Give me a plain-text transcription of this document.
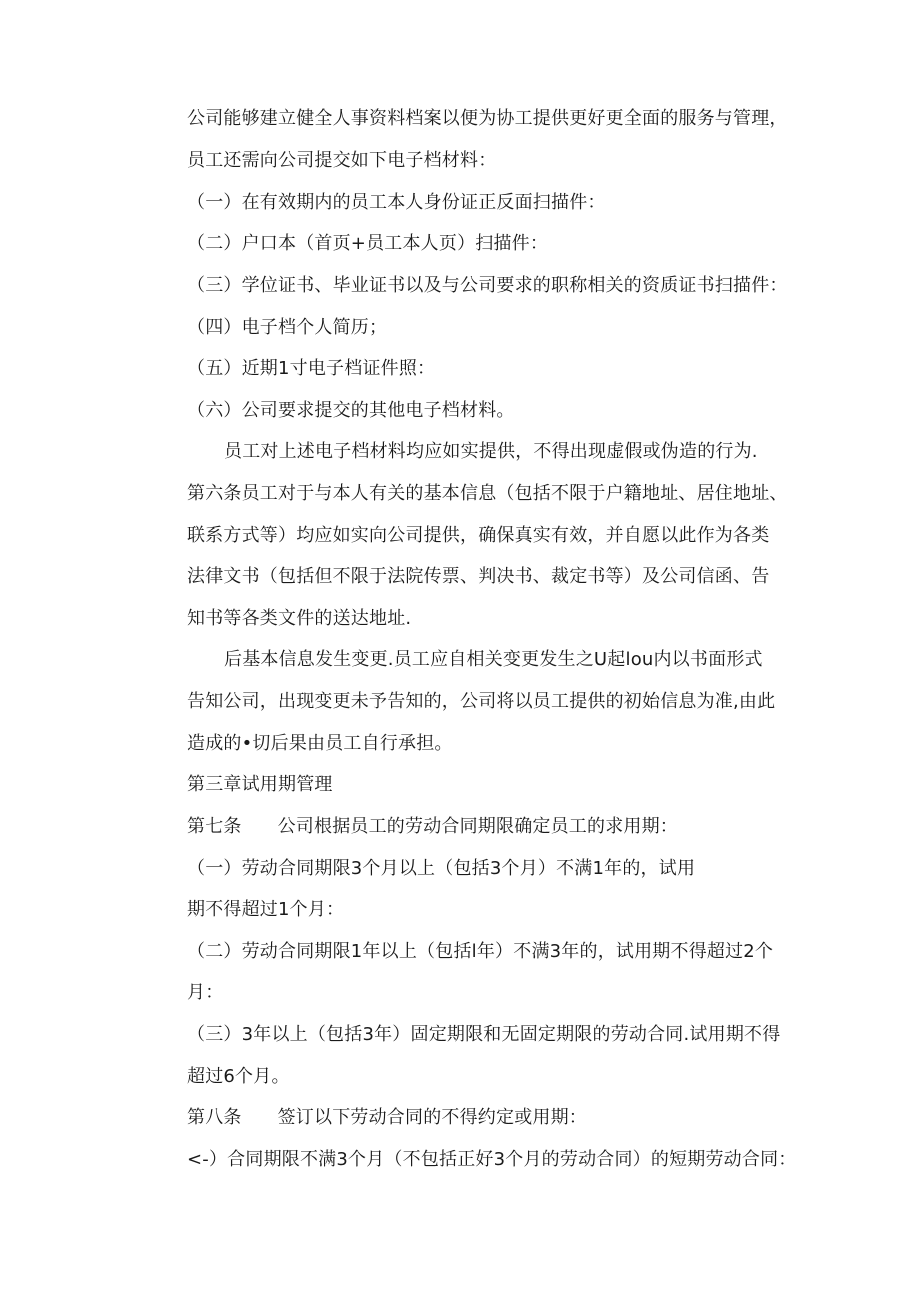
公司能够建立健全人事资料档案以便为协工提供更好更全面的服务与管理，
员工还需向公司提交如下电子档材料：
（一）在有效期内的员工本人身份证正反面扫描件：
（二）户口本（首页+员工本人页）扫描件：
（三）学位证书、毕业证书以及与公司要求的职称相关的资质证书扫描件：
（四）电子档个人简历；
（五）近期1寸电子档证件照：
（六）公司要求提交的其他电子档材料。
员工对上述电子档材料均应如实提供，不得出现虚假或伪造的行为.
第六条员工对于与本人有关的基本信息（包括不限于户籍地址、居住地址、
联系方式等）均应如实向公司提供，确保真实有效，并自愿以此作为各类
法律文书（包括但不限于法院传票、判决书、裁定书等）及公司信函、告
知书等各类文件的送达地址.
后基本信息发生变更.员工应自相关变更发生之U起lou内以书面形式
告知公司，出现变更未予告知的，公司将以员工提供的初始信息为准,由此
造成的•切后果由员工自行承担。
第三章试用期管理
第七条 公司根据员工的劳动合同期限确定员工的求用期：
（一）劳动合同期限3个月以上（包括3个月）不满1年的，试用
期不得超过1个月：
（二）劳动合同期限1年以上（包括l年）不满3年的，试用期不得超过2个
月：
（三）3年以上（包括3年）固定期限和无固定期限的劳动合同.试用期不得
超过6个月。
第八条 签订以下劳动合同的不得约定或用期：
<-）合同期限不满3个月（不包括正好3个月的劳动合同）的短期劳动合同：
